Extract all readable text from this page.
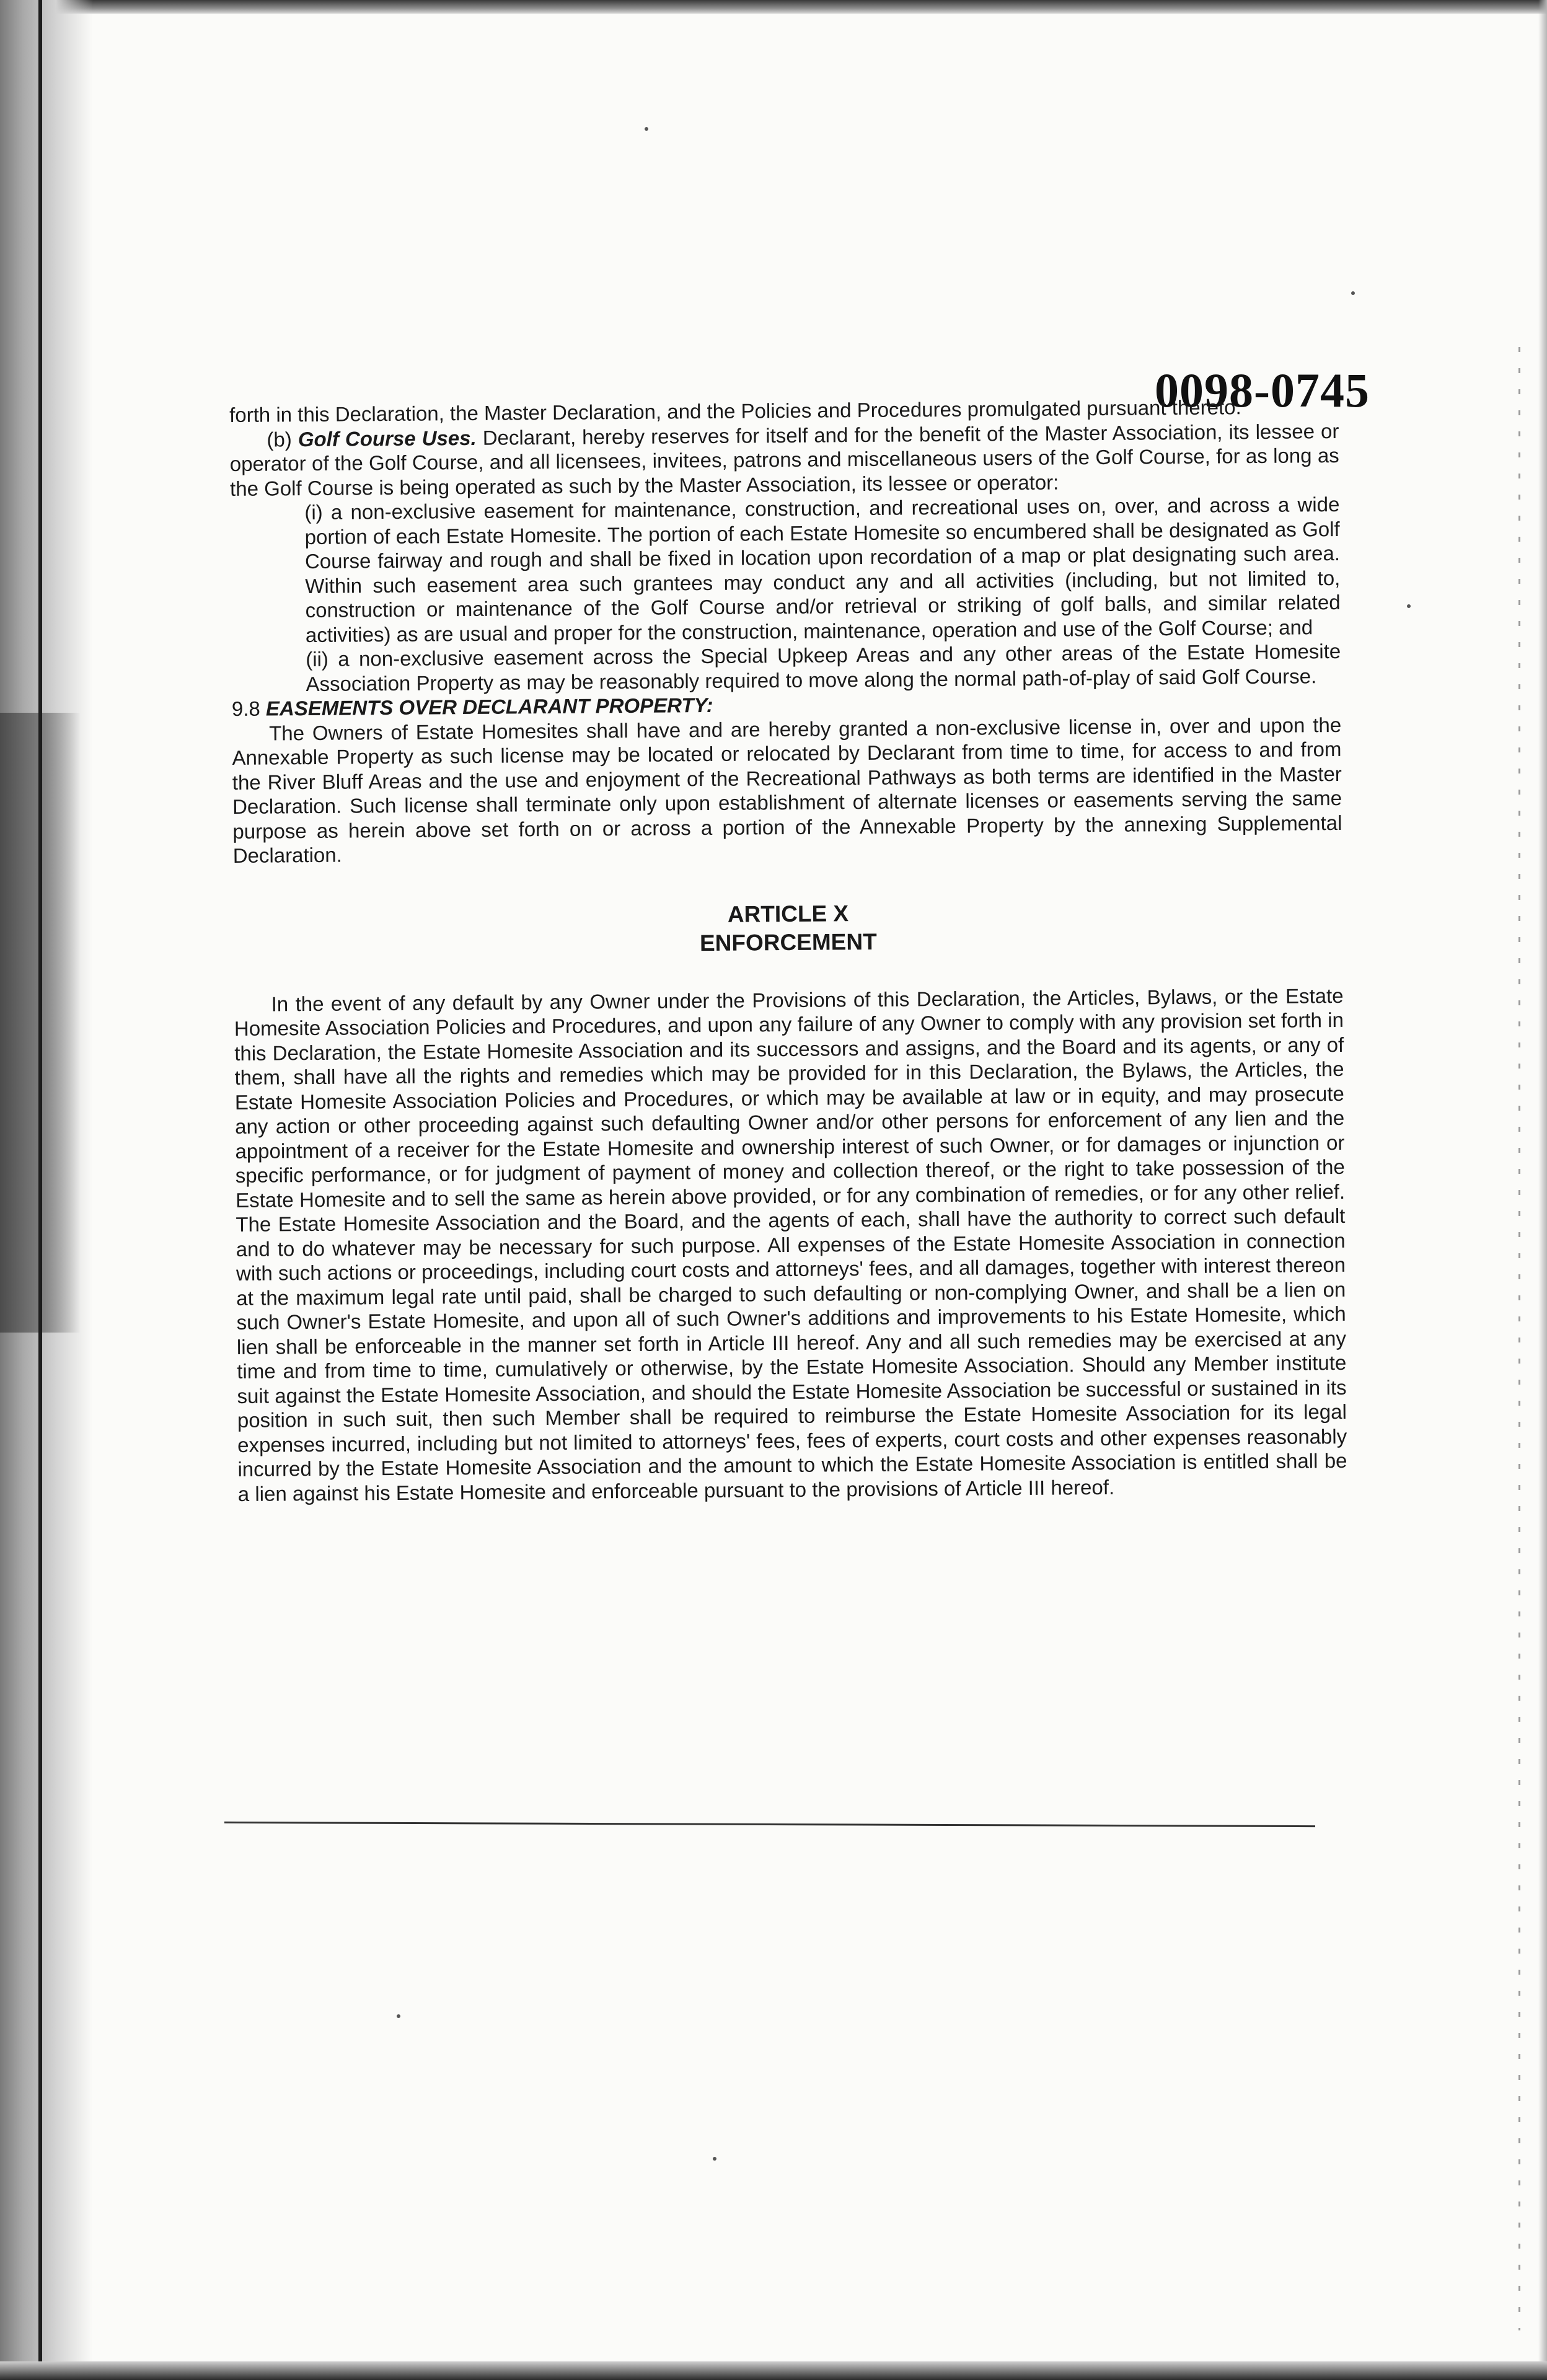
0098-0745

forth in this Declaration, the Master Declaration, and the Policies and Procedures promulgated pursuant thereto.

(b) Golf Course Uses. Declarant, hereby reserves for itself and for the benefit of the Master Association, its lessee or operator of the Golf Course, and all licensees, invitees, patrons and miscellaneous users of the Golf Course, for as long as the Golf Course is being operated as such by the Master Association, its lessee or operator:

(i) a non-exclusive easement for maintenance, construction, and recreational uses on, over, and across a wide portion of each Estate Homesite. The portion of each Estate Homesite so encumbered shall be designated as Golf Course fairway and rough and shall be fixed in location upon recordation of a map or plat designating such area. Within such easement area such grantees may conduct any and all activities (including, but not limited to, construction or maintenance of the Golf Course and/or retrieval or striking of golf balls, and similar related activities) as are usual and proper for the construction, maintenance, operation and use of the Golf Course; and

(ii) a non-exclusive easement across the Special Upkeep Areas and any other areas of the Estate Homesite Association Property as may be reasonably required to move along the normal path-of-play of said Golf Course.

9.8 EASEMENTS OVER DECLARANT PROPERTY:

The Owners of Estate Homesites shall have and are hereby granted a non-exclusive license in, over and upon the Annexable Property as such license may be located or relocated by Declarant from time to time, for access to and from the River Bluff Areas and the use and enjoyment of the Recreational Pathways as both terms are identified in the Master Declaration. Such license shall terminate only upon establishment of alternate licenses or easements serving the same purpose as herein above set forth on or across a portion of the Annexable Property by the annexing Supplemental Declaration.

ARTICLE X
ENFORCEMENT

In the event of any default by any Owner under the Provisions of this Declaration, the Articles, Bylaws, or the Estate Homesite Association Policies and Procedures, and upon any failure of any Owner to comply with any provision set forth in this Declaration, the Estate Homesite Association and its successors and assigns, and the Board and its agents, or any of them, shall have all the rights and remedies which may be provided for in this Declaration, the Bylaws, the Articles, the Estate Homesite Association Policies and Procedures, or which may be available at law or in equity, and may prosecute any action or other proceeding against such defaulting Owner and/or other persons for enforcement of any lien and the appointment of a receiver for the Estate Homesite and ownership interest of such Owner, or for damages or injunction or specific performance, or for judgment of payment of money and collection thereof, or the right to take possession of the Estate Homesite and to sell the same as herein above provided, or for any combination of remedies, or for any other relief. The Estate Homesite Association and the Board, and the agents of each, shall have the authority to correct such default and to do whatever may be necessary for such purpose. All expenses of the Estate Homesite Association in connection with such actions or proceedings, including court costs and attorneys' fees, and all damages, together with interest thereon at the maximum legal rate until paid, shall be charged to such defaulting or non-complying Owner, and shall be a lien on such Owner's Estate Homesite, and upon all of such Owner's additions and improvements to his Estate Homesite, which lien shall be enforceable in the manner set forth in Article III hereof. Any and all such remedies may be exercised at any time and from time to time, cumulatively or otherwise, by the Estate Homesite Association. Should any Member institute suit against the Estate Homesite Association, and should the Estate Homesite Association be successful or sustained in its position in such suit, then such Member shall be required to reimburse the Estate Homesite Association for its legal expenses incurred, including but not limited to attorneys' fees, fees of experts, court costs and other expenses reasonably incurred by the Estate Homesite Association and the amount to which the Estate Homesite Association is entitled shall be a lien against his Estate Homesite and enforceable pursuant to the provisions of Article III hereof.
